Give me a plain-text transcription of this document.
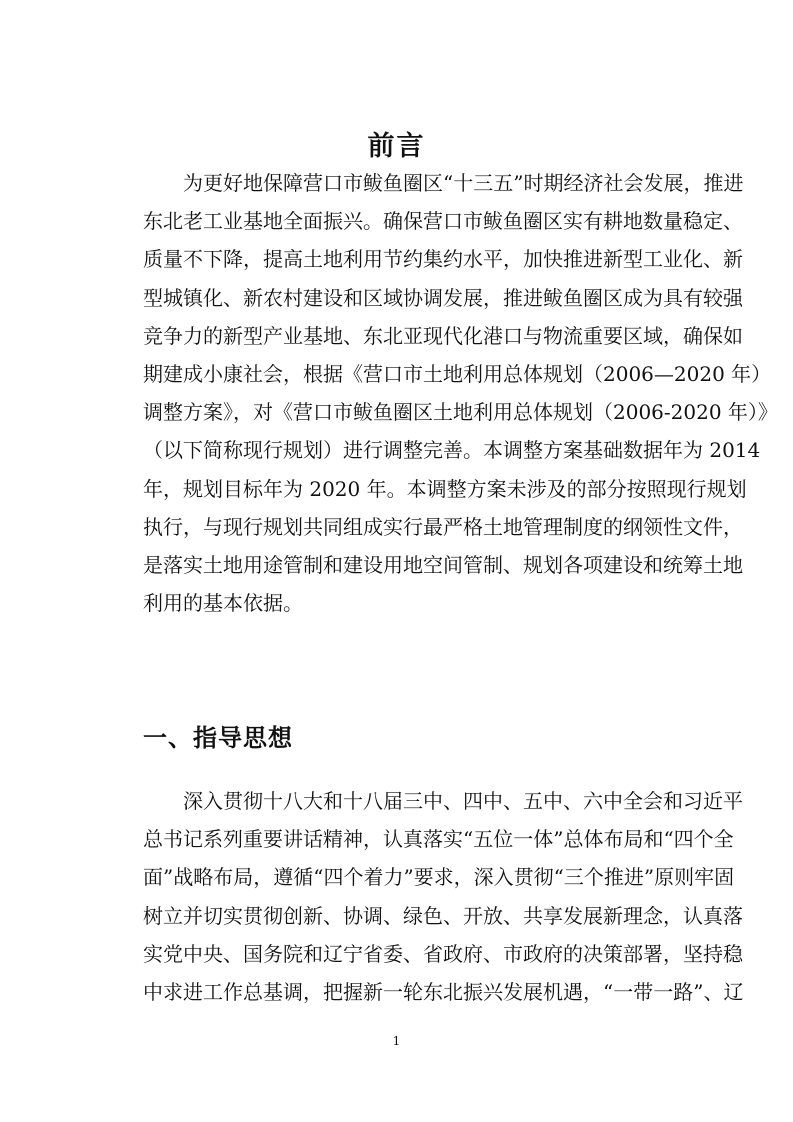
前言
　　为更好地保障营口市鲅鱼圈区“十三五”时期经济社会发展，推进
东北老工业基地全面振兴。确保营口市鲅鱼圈区实有耕地数量稳定、
质量不下降，提高土地利用节约集约水平，加快推进新型工业化、新
型城镇化、新农村建设和区域协调发展，推进鲅鱼圈区成为具有较强
竞争力的新型产业基地、东北亚现代化港口与物流重要区域，确保如
期建成小康社会，根据《营口市土地利用总体规划（2006—2020 年）
调整方案》，对《营口市鲅鱼圈区土地利用总体规划（2006-2020 年）》
（以下简称现行规划）进行调整完善。本调整方案基础数据年为 2014
年，规划目标年为 2020 年。本调整方案未涉及的部分按照现行规划
执行，与现行规划共同组成实行最严格土地管理制度的纲领性文件，
是落实土地用途管制和建设用地空间管制、规划各项建设和统筹土地
利用的基本依据。
一、指导思想
　　深入贯彻十八大和十八届三中、四中、五中、六中全会和习近平
总书记系列重要讲话精神，认真落实“五位一体”总体布局和“四个全
面”战略布局，遵循“四个着力”要求，深入贯彻“三个推进”原则牢固
树立并切实贯彻创新、协调、绿色、开放、共享发展新理念，认真落
实党中央、国务院和辽宁省委、省政府、市政府的决策部署，坚持稳
中求进工作总基调，把握新一轮东北振兴发展机遇，“一带一路”、辽

1
